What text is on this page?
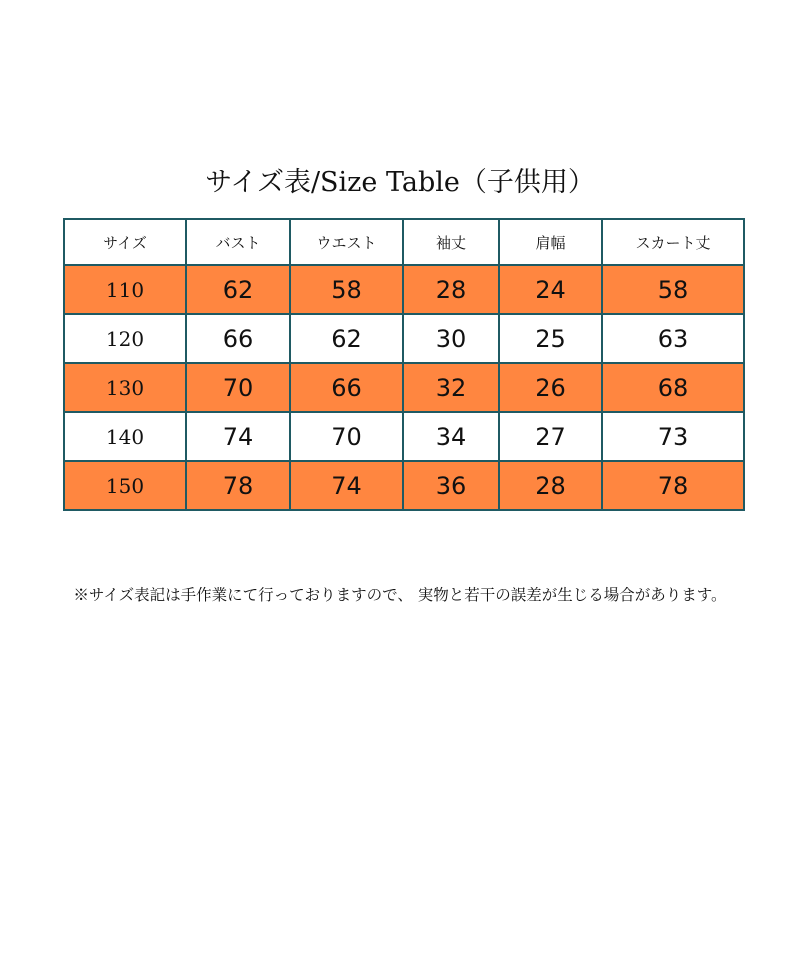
サイズ表/Size Table（子供用）
サイズ	バスト	ウエスト	袖丈	肩幅	スカート丈
110	62	58	28	24	58
120	66	62	30	25	63
130	70	66	32	26	68
140	74	70	34	27	73
150	78	74	36	28	78
※サイズ表記は手作業にて行っておりますので、 実物と若干の誤差が生じる場合があります。
